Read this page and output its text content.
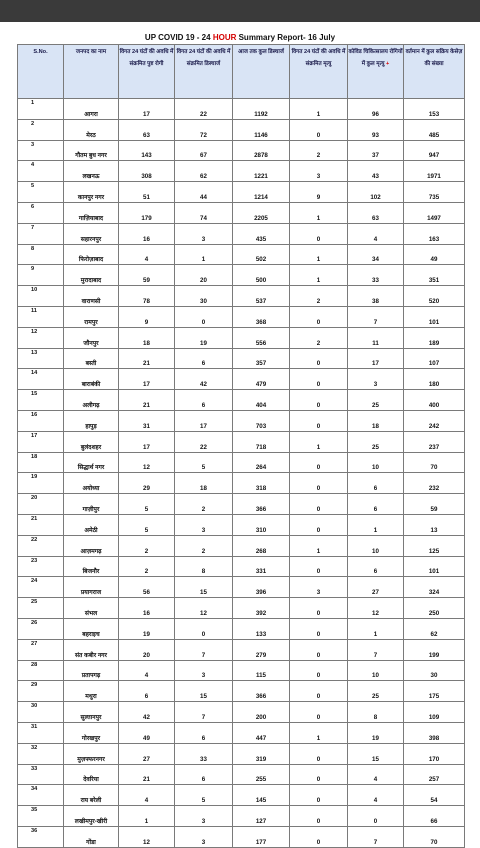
UP COVID 19 - 24 HOUR Summary Report- 16 July
S.No.	जनपद का नाम	विगत 24 घंटों की अवधि में संक्रमित पुष्ट रोगी	विगत 24 घंटों की अवधि में संक्रमित डिस्चार्ज	आज तक कुल डिस्चार्ज	विगत 24 घंटों की अवधि में संक्रमित मृत्यु	कोविड चिकित्सालय रोगियों में कुल मृत्यु +	वर्तमान में कुल सक्रिय केसेज़ की संख्या
1	आगरा	17	22	1192	1	96	153
2	मेरठ	63	72	1146	0	93	485
3	गौतम बुध नगर	143	67	2878	2	37	947
4	लखनऊ	308	62	1221	3	43	1971
5	कानपुर नगर	51	44	1214	9	102	735
6	गाज़ियाबाद	179	74	2205	1	63	1497
7	सहारनपुर	16	3	435	0	4	163
8	फिरोज़ाबाद	4	1	502	1	34	49
9	मुरादाबाद	59	20	500	1	33	351
10	वाराणसी	78	30	537	2	38	520
11	रामपुर	9	0	368	0	7	101
12	जौनपुर	18	19	556	2	11	189
13	बस्ती	21	6	357	0	17	107
14	बाराबंकी	17	42	479	0	3	180
15	अलीगढ़	21	6	404	0	25	400
16	हापुड़	31	17	703	0	18	242
17	बुलंदशहर	17	22	718	1	25	237
18	सिद्धार्थ नगर	12	5	264	0	10	70
19	अयोध्या	29	18	318	0	6	232
20	गाज़ीपुर	5	2	366	0	6	59
21	अमेठी	5	3	310	0	1	13
22	आज़मगढ़	2	2	268	1	10	125
23	बिजनौर	2	8	331	0	6	101
24	प्रयागराज	56	15	396	3	27	324
25	संभल	16	12	392	0	12	250
26	बहराइच	19	0	133	0	1	62
27	संत कबीर नगर	20	7	279	0	7	199
28	प्रतापगढ़	4	3	115	0	10	30
29	मथुरा	6	15	366	0	25	175
30	सुल्तानपुर	42	7	200	0	8	109
31	गोरखपुर	49	6	447	1	19	398
32	मुज़फ्फरनगर	27	33	319	0	15	170
33	देवरिया	21	6	255	0	4	257
34	राय बरेली	4	5	145	0	4	54
35	लखीमपुर-खीरी	1	3	127	0	0	66
36	गोंडा	12	3	177	0	7	70
